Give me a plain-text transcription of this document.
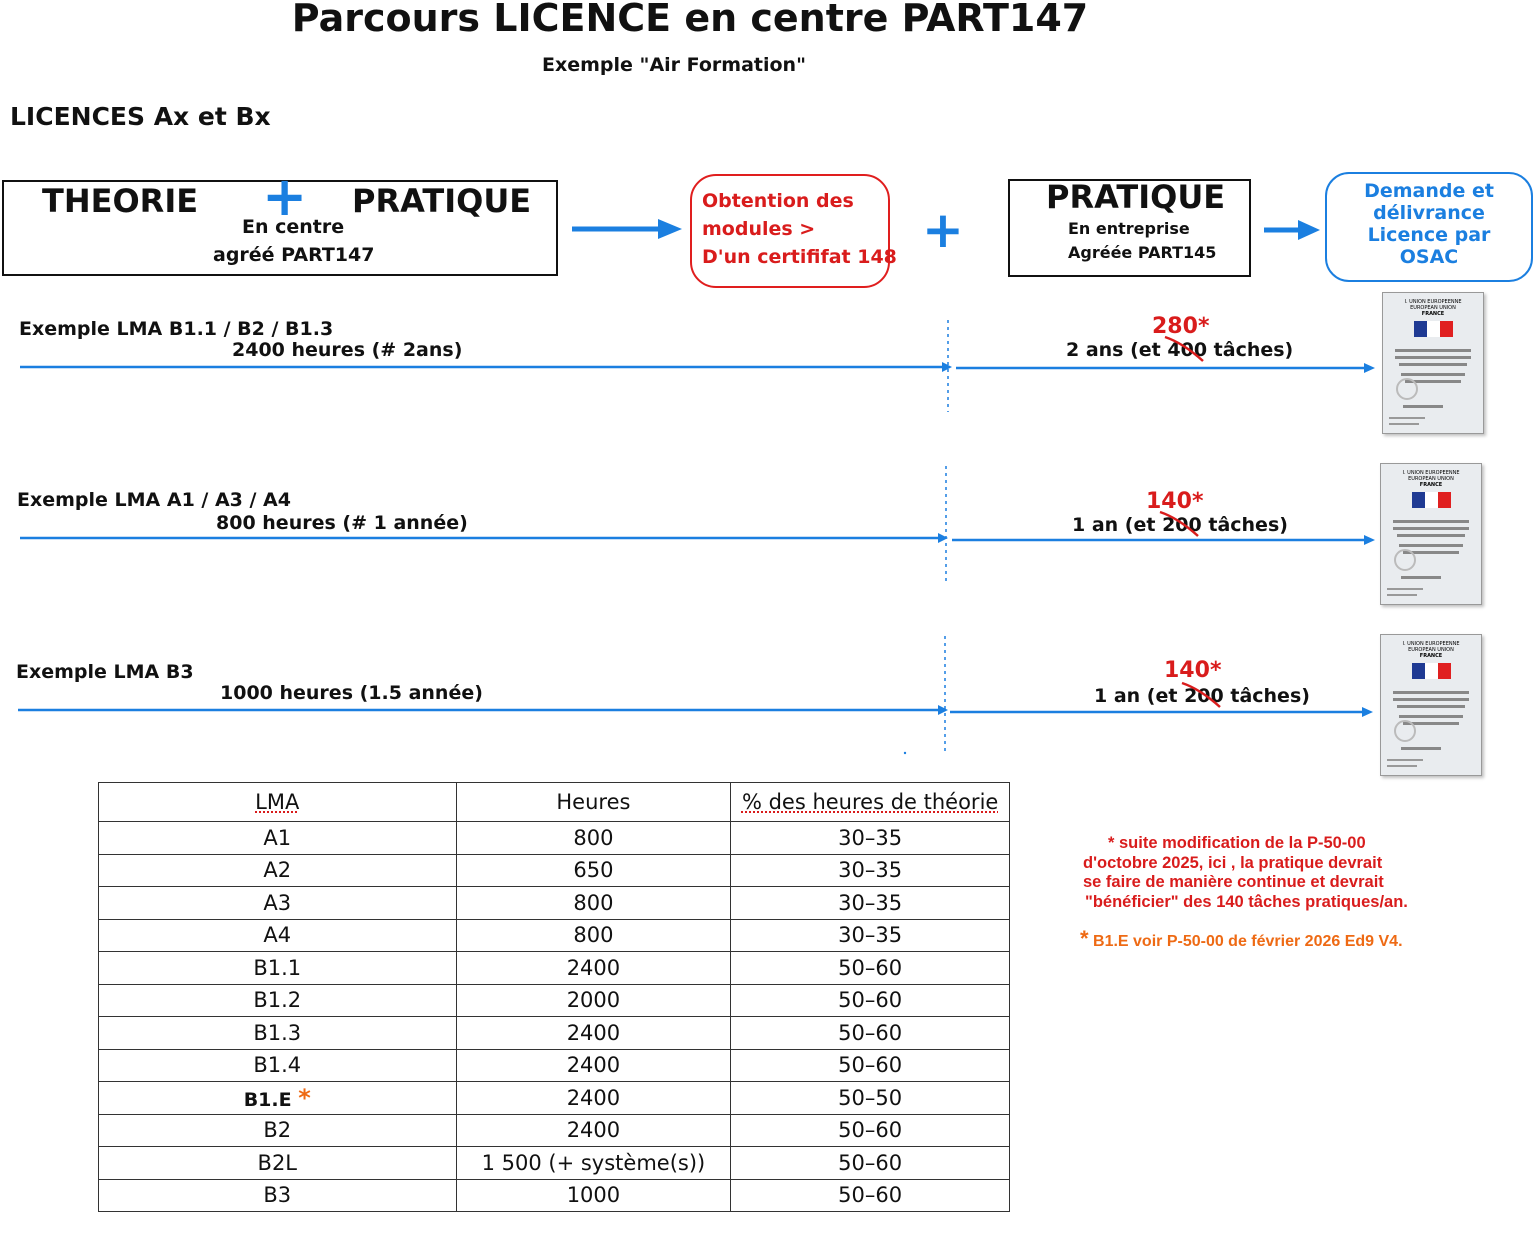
Parcours LICENCE en centre PART147
Exemple "Air Formation"
LICENCES Ax et Bx
THEORIE + PRATIQUE
En centre
agréé PART147
Obtention des
modules >
D'un certififat 148 +
PRATIQUE
En entreprise
Agréée PART145
Demande et
délivrance
Licence par
OSAC
Exemple LMA B1.1 / B2 / B1.3
2400 heures (# 2ans)
280*
2 ans (et 400
tâches)
Exemple LMA A1 / A3 / A4
800 heures (# 1 année)
140*
1 an (et 200
tâches)
Exemple LMA B3
1000 heures (1.5 année)
140*
1 an (et 200
tâches)
I. UNION EUROPEENNE
EUROPEAN UNION
FRANCE
I. UNION EUROPEENNE
EUROPEAN UNION
FRANCE
I. UNION EUROPEENNE
EUROPEAN UNION
FRANCE
LMA	Heures	% des heures de théorie
A1	800	30–35
A2	650	30–35
A3	800	30–35
A4	800	30–35
B1.1	2400	50–60
B1.2	2000	50–60
B1.3	2400	50–60
B1.4	2400	50–60
B1.E *	2400	50–50
B2	2400	50–60
B2L	1 500 (+ système(s))	50–60
B3	1000	50–60
* suite modification de la P-50-00
d'octobre 2025, ici , la pratique devrait
se faire de manière continue et devrait
"bénéficier" des 140 tâches pratiques/an.
* B1.E voir P-50-00 de février 2026 Ed9 V4.
